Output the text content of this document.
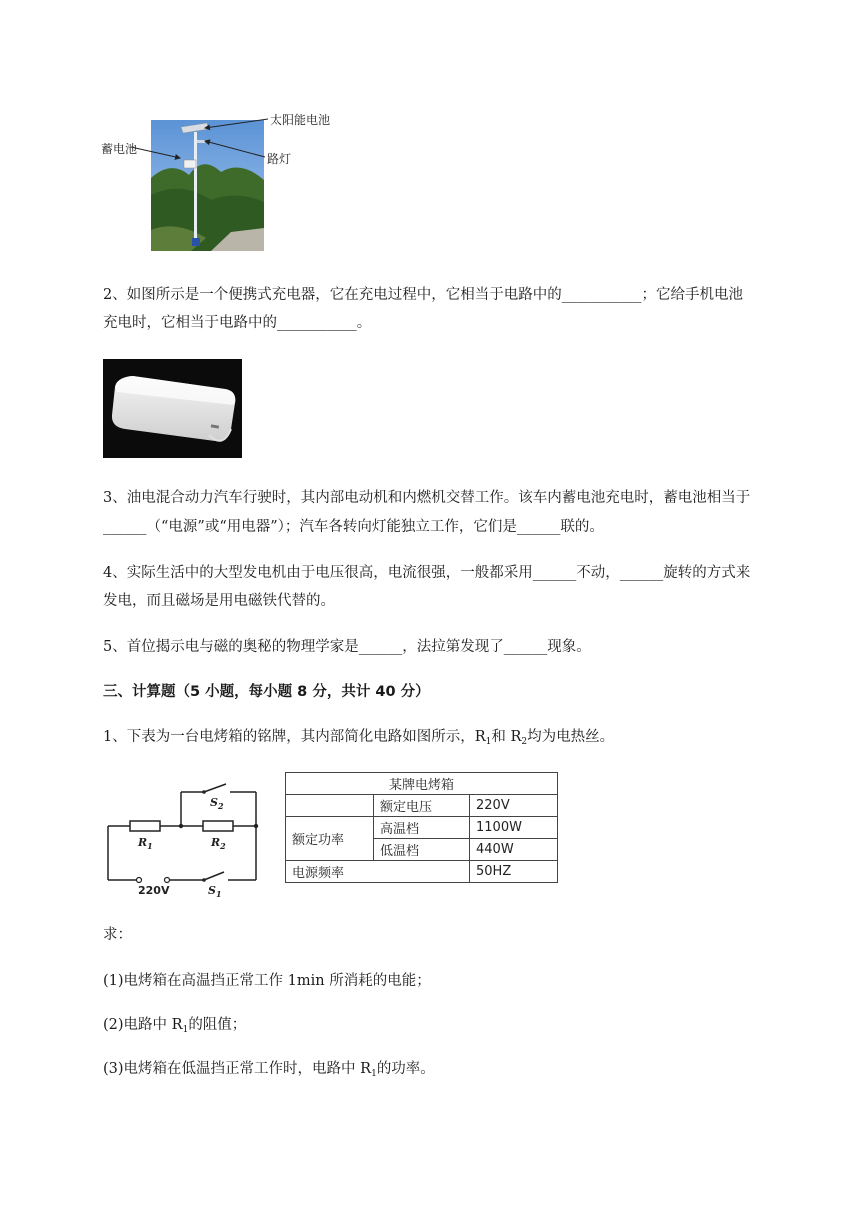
太阳能电池
蓄电池
路灯
2、如图所示是一个便携式充电器，它在充电过程中，它相当于电路中的___________；它给手机电池
充电时，它相当于电路中的___________。
3、油电混合动力汽车行驶时，其内部电动机和内燃机交替工作。该车内蓄电池充电时，蓄电池相当于
______（“电源”或“用电器”）；汽车各转向灯能独立工作，它们是______联的。
4、实际生活中的大型发电机由于电压很高，电流很强，一般都采用______不动，______旋转的方式来
发电，而且磁场是用电磁铁代替的。
5、首位揭示电与磁的奥秘的物理学家是______，法拉第发现了______现象。
三、计算题（5 小题，每小题 8 分，共计 40 分）
1、下表为一台电烤箱的铭牌，其内部简化电路如图所示，$R_1$和 $R_2$均为电热丝。
$R_1$	$R_2$
$S_2$
$S_1$
220V
某牌电烤箱		
	额定电压	220V
额定功率	高温档	1100W
	低温档	440W
电源频率		50HZ
求：
(1)电烤箱在高温挡正常工作 1min 所消耗的电能；
(2)电路中 $R_1$的阻值；
(3)电烤箱在低温挡正常工作时，电路中 $R_1$的功率。
